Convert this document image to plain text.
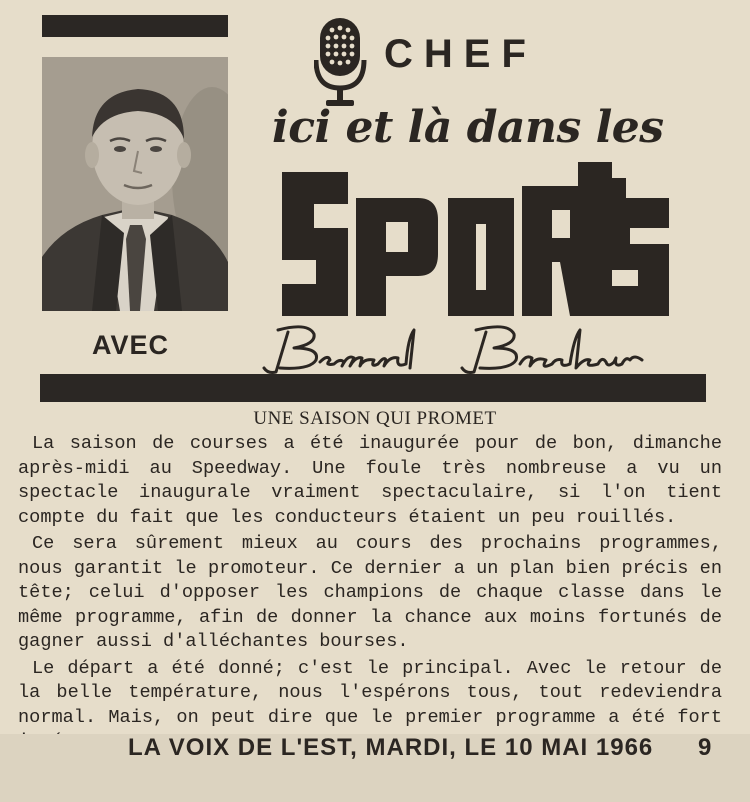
AVEC
CHEF
ici et là dans les
UNE SAISON QUI PROMET

La saison de courses a été inaugurée pour de bon, dimanche après-midi au Speedway. Une foule très nombreuse a vu un spectacle inaugurale vraiment spectaculaire, si l'on tient compte du fait que les conducteurs étaient un peu rouillés.

Ce sera sûrement mieux au cours des prochains programmes, nous garantit le promoteur. Ce dernier a un plan bien précis en tête; celui d'opposer les champions de chaque classe dans le même programme, afin de donner la chance aux moins fortunés de gagner aussi d'alléchantes bourses.

Le départ a été donné; c'est le principal. Avec le retour de la belle température, nous l'espérons tous, tout redeviendra normal. Mais, on peut dire que le premier programme a été fort

LA VOIX DE L'EST, MARDI, LE 10 MAI 1966 9
